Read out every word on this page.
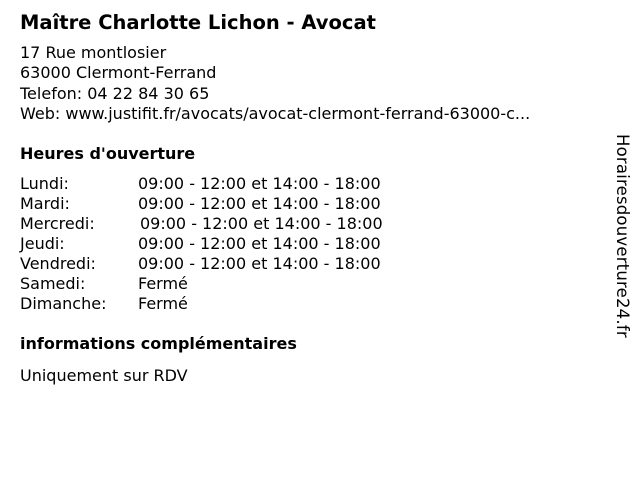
Maître Charlotte Lichon - Avocat
17 Rue montlosier
63000 Clermont-Ferrand
Telefon: 04 22 84 30 65
Web: www.justifit.fr/avocats/avocat-clermont-ferrand-63000-c...
Heures d'ouverture
Lundi:	09:00 - 12:00 et 14:00 - 18:00
Mardi:	09:00 - 12:00 et 14:00 - 18:00
Mercredi:	09:00 - 12:00 et 14:00 - 18:00
Jeudi:	09:00 - 12:00 et 14:00 - 18:00
Vendredi:	09:00 - 12:00 et 14:00 - 18:00
Samedi:	Fermé
Dimanche: Fermé
informations complémentaires
Uniquement sur RDV
Horairesdouverture24.fr
